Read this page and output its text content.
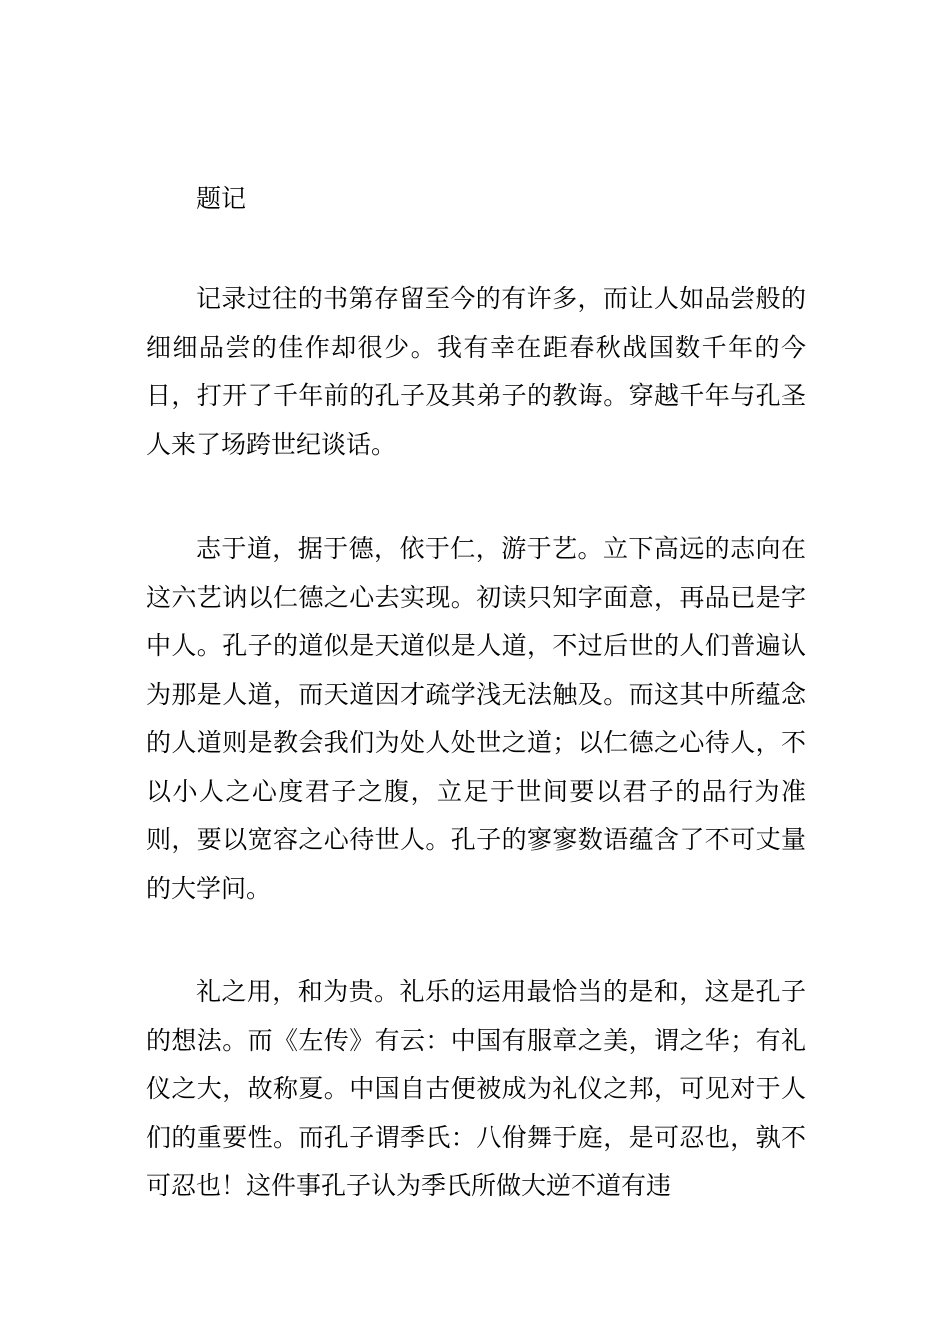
题记

记录过往的书第存留至今的有许多，而让人如品尝般的细细品尝的佳作却很少。我有幸在距春秋战国数千年的今日，打开了千年前的孔子及其弟子的教诲。穿越千年与孔圣人来了场跨世纪谈话。

志于道，据于德，依于仁，游于艺。立下高远的志向在这六艺讷以仁德之心去实现。初读只知字面意，再品已是字中人。孔子的道似是天道似是人道，不过后世的人们普遍认为那是人道，而天道因才疏学浅无法触及。而这其中所蕴念的人道则是教会我们为处人处世之道；以仁德之心待人，不以小人之心度君子之腹，立足于世间要以君子的品行为准则，要以宽容之心待世人。孔子的寥寥数语蕴含了不可丈量的大学问。

礼之用，和为贵。礼乐的运用最恰当的是和，这是孔子的想法。而《左传》有云：中国有服章之美，谓之华；有礼仪之大，故称夏。中国自古便被成为礼仪之邦，可见对于人们的重要性。而孔子谓季氏：八佾舞于庭，是可忍也，孰不可忍也！这件事孔子认为季氏所做大逆不道有违
